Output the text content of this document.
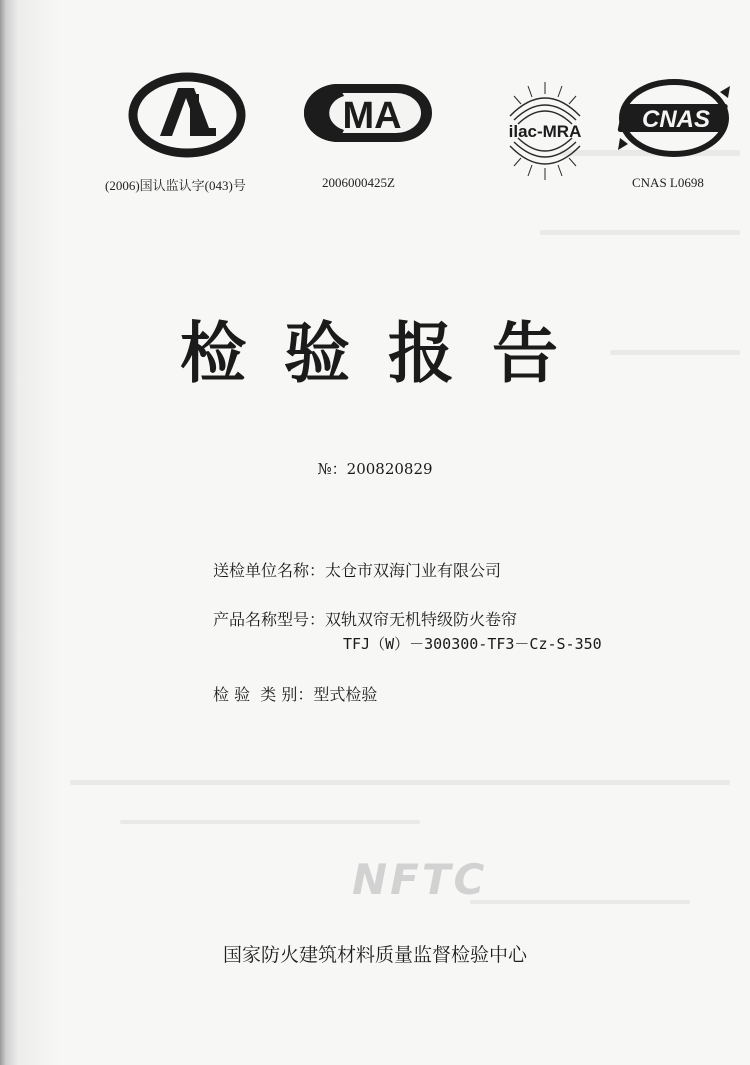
(2006)国认监认字(043)号
MA
2006000425Z
ilac-MRA	CNAS
CNAS L0698
检验报告
№：200820829
送检单位名称：太仓市双海门业有限公司
产品名称型号：双轨双帘无机特级防火卷帘
TFJ（W）－300300-TF3－Cz-S-350
检 验  类 别：型式检验
NFTC
国家防火建筑材料质量监督检验中心
